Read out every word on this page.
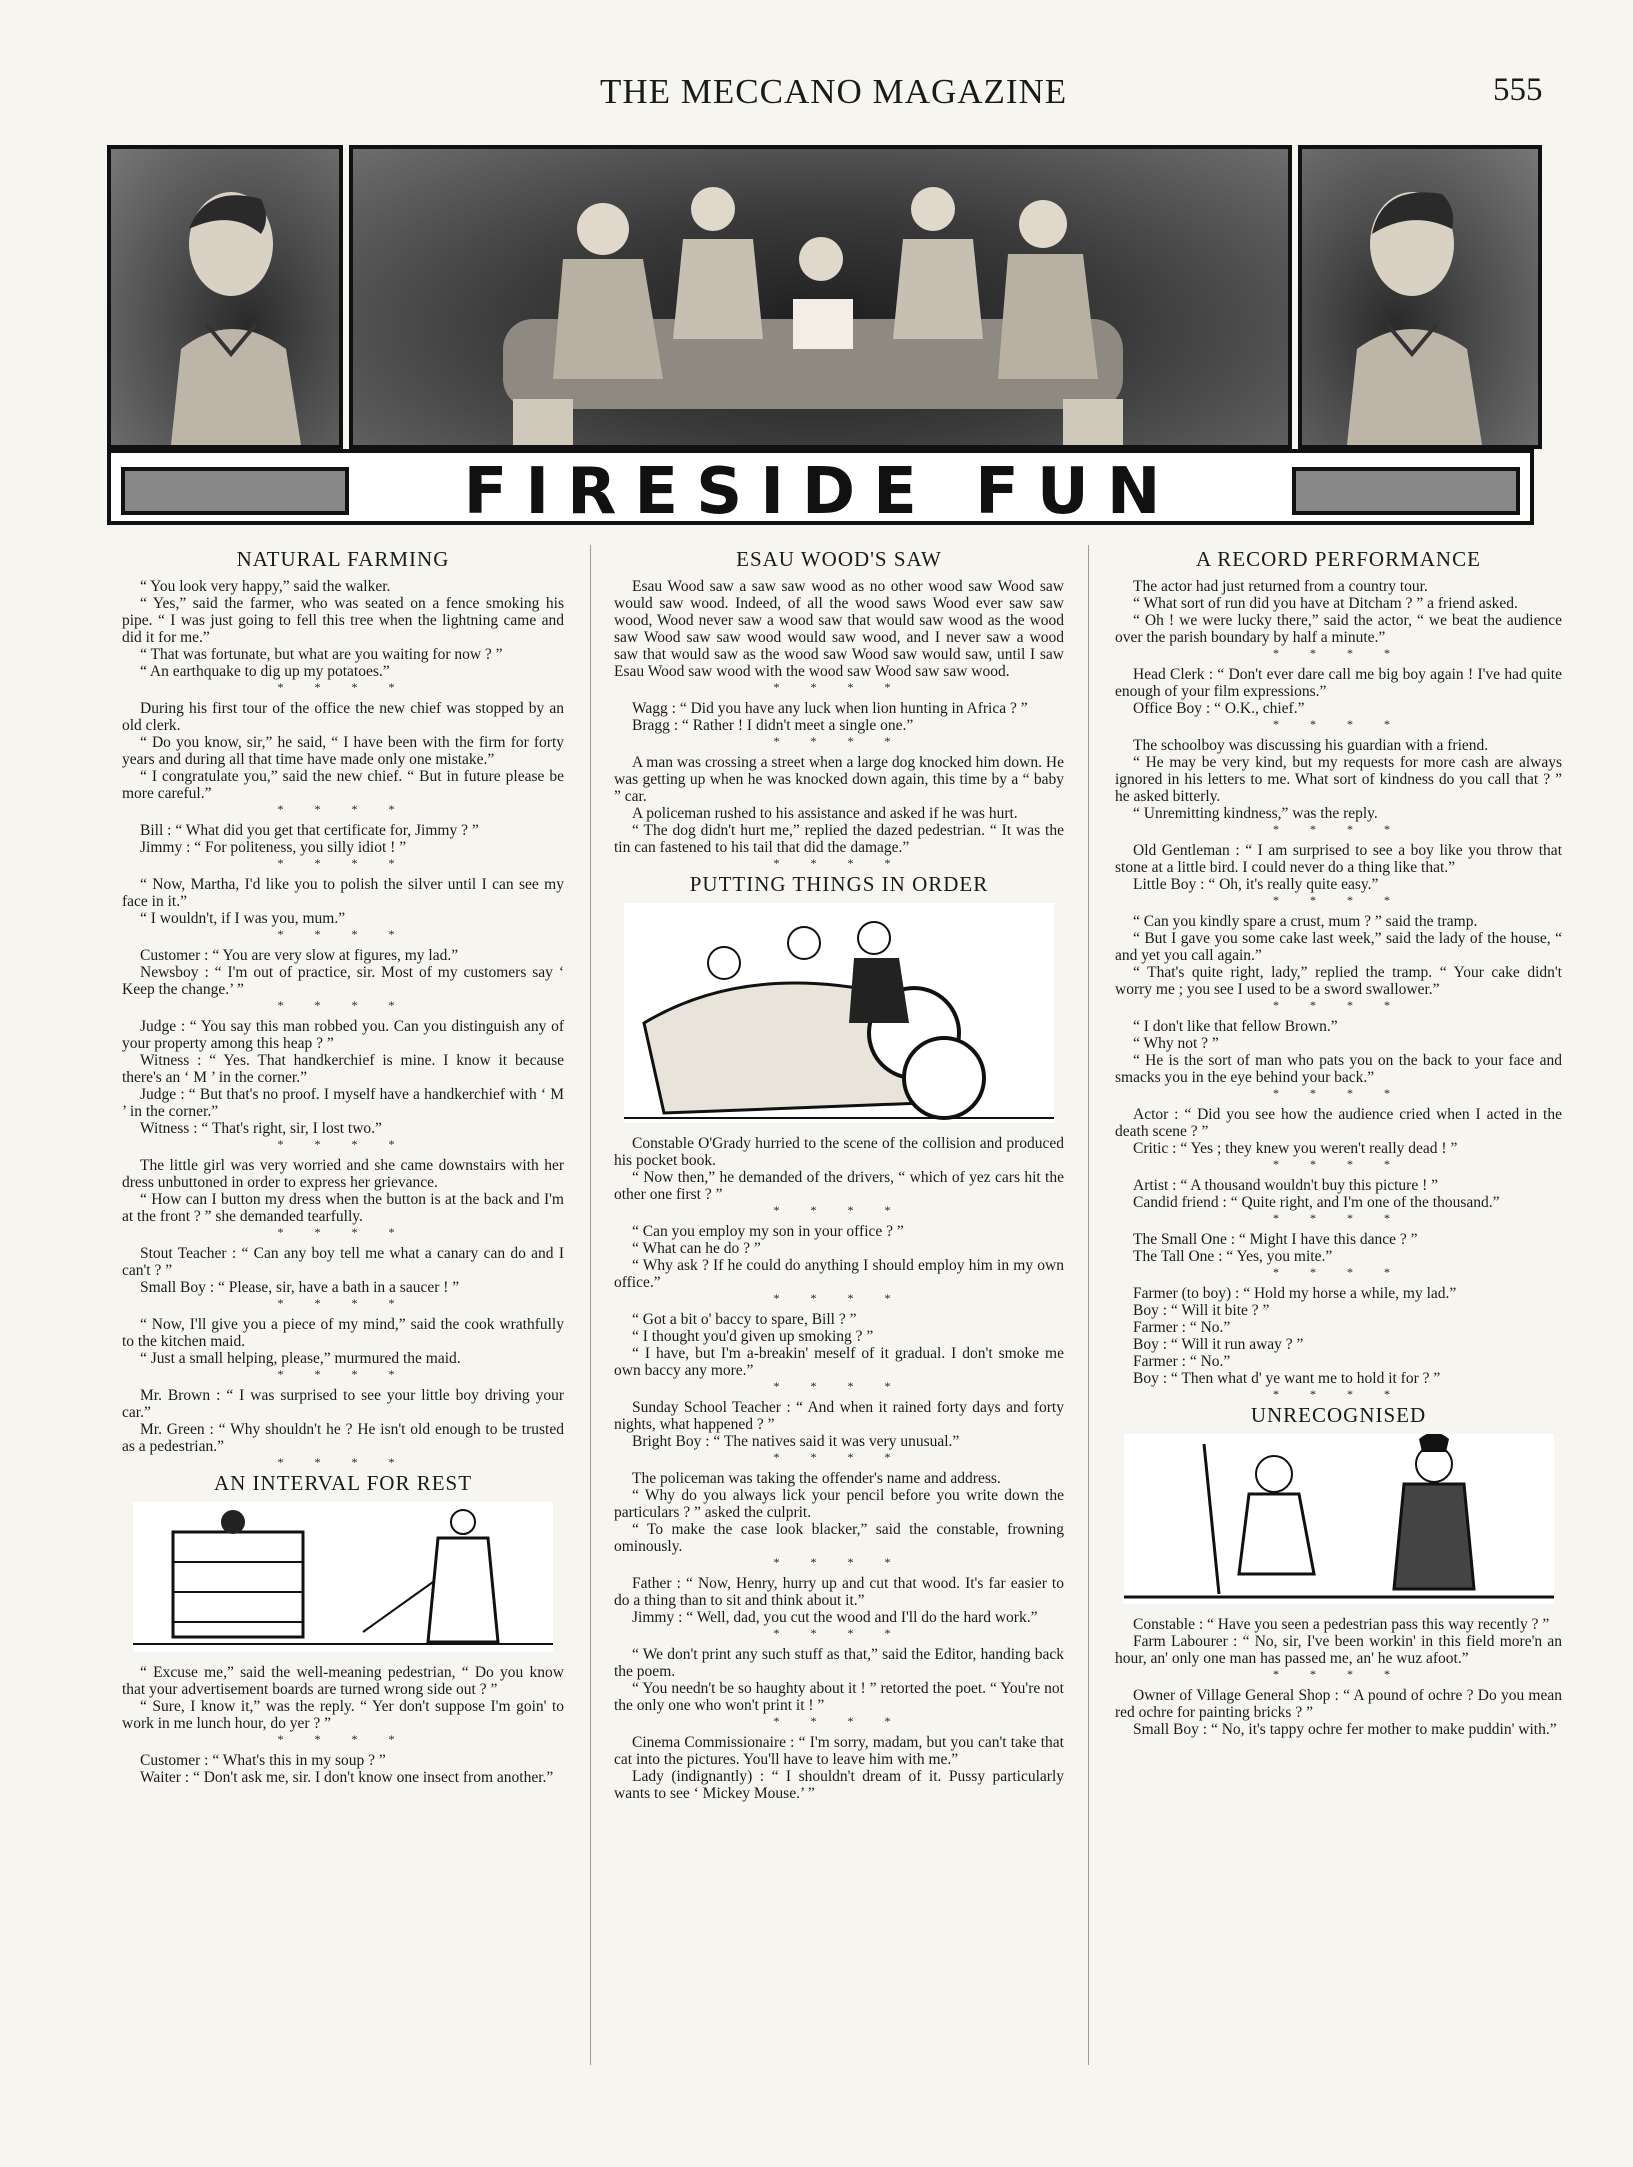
THE MECCANO MAGAZINE	555
FIRESIDE FUN
NATURAL FARMING

“ You look very happy,” said the walker.

“ Yes,” said the farmer, who was seated on a fence smoking his pipe. “ I was just going to fell this tree when the lightning came and did it for me.”

“ That was fortunate, but what are you waiting for now ? ”

“ An earthquake to dig up my potatoes.”

* * * *

During his first tour of the office the new chief was stopped by an old clerk.

“ Do you know, sir,” he said, “ I have been with the firm for forty years and during all that time have made only one mistake.”

“ I congratulate you,” said the new chief. “ But in future please be more careful.”

* * * *

Bill : “ What did you get that certificate for, Jimmy ? ”

Jimmy : “ For politeness, you silly idiot ! ”

* * * *

“ Now, Martha, I'd like you to polish the silver until I can see my face in it.”

“ I wouldn't, if I was you, mum.”

* * * *

Customer : “ You are very slow at figures, my lad.”

Newsboy : “ I'm out of practice, sir. Most of my customers say ‘ Keep the change.’ ”

* * * *

Judge : “ You say this man robbed you. Can you distinguish any of your property among this heap ? ”

Witness : “ Yes. That handkerchief is mine. I know it because there's an ‘ M ’ in the corner.”

Judge : “ But that's no proof. I myself have a handkerchief with ‘ M ’ in the corner.”

Witness : “ That's right, sir, I lost two.”

* * * *

The little girl was very worried and she came downstairs with her dress unbuttoned in order to express her grievance.

“ How can I button my dress when the button is at the back and I'm at the front ? ” she demanded tearfully.

* * * *

Stout Teacher : “ Can any boy tell me what a canary can do and I can't ? ”

Small Boy : “ Please, sir, have a bath in a saucer ! ”

* * * *

“ Now, I'll give you a piece of my mind,” said the cook wrathfully to the kitchen maid.

“ Just a small helping, please,” murmured the maid.

* * * *

Mr. Brown : “ I was surprised to see your little boy driving your car.”

Mr. Green : “ Why shouldn't he ? He isn't old enough to be trusted as a pedestrian.”

* * * *

AN INTERVAL FOR REST

“ Excuse me,” said the well-meaning pedestrian, “ Do you know that your advertisement boards are turned wrong side out ? ”

“ Sure, I know it,” was the reply. “ Yer don't suppose I'm goin' to work in me lunch hour, do yer ? ”

* * * *

Customer : “ What's this in my soup ? ”

Waiter : “ Don't ask me, sir. I don't know one insect from another.”

ESAU WOOD'S SAW

Esau Wood saw a saw saw wood as no other wood saw Wood saw would saw wood. Indeed, of all the wood saws Wood ever saw saw wood, Wood never saw a wood saw that would saw wood as the wood saw Wood saw saw wood would saw wood, and I never saw a wood saw that would saw as the wood saw Wood saw would saw, until I saw Esau Wood saw wood with the wood saw Wood saw saw wood.

* * * *

Wagg : “ Did you have any luck when lion hunting in Africa ? ”

Bragg : “ Rather ! I didn't meet a single one.”

* * * *

A man was crossing a street when a large dog knocked him down. He was getting up when he was knocked down again, this time by a “ baby ” car.

A policeman rushed to his assistance and asked if he was hurt.

“ The dog didn't hurt me,” replied the dazed pedestrian. “ It was the tin can fastened to his tail that did the damage.”

* * * *

PUTTING THINGS IN ORDER

Constable O'Grady hurried to the scene of the collision and produced his pocket book.

“ Now then,” he demanded of the drivers, “ which of yez cars hit the other one first ? ”

* * * *

“ Can you employ my son in your office ? ”

“ What can he do ? ”

“ Why ask ? If he could do anything I should employ him in my own office.”

* * * *

“ Got a bit o' baccy to spare, Bill ? ”

“ I thought you'd given up smoking ? ”

“ I have, but I'm a-breakin' meself of it gradual. I don't smoke me own baccy any more.”

* * * *

Sunday School Teacher : “ And when it rained forty days and forty nights, what happened ? ”

Bright Boy : “ The natives said it was very unusual.”

* * * *

The policeman was taking the offender's name and address.

“ Why do you always lick your pencil before you write down the particulars ? ” asked the culprit.

“ To make the case look blacker,” said the constable, frowning ominously.

* * * *

Father : “ Now, Henry, hurry up and cut that wood. It's far easier to do a thing than to sit and think about it.”

Jimmy : “ Well, dad, you cut the wood and I'll do the hard work.”

* * * *

“ We don't print any such stuff as that,” said the Editor, handing back the poem.

“ You needn't be so haughty about it ! ” retorted the poet. “ You're not the only one who won't print it ! ”

* * * *

Cinema Commissionaire : “ I'm sorry, madam, but you can't take that cat into the pictures. You'll have to leave him with me.”

Lady (indignantly) : “ I shouldn't dream of it. Pussy particularly wants to see ‘ Mickey Mouse.’ ”

A RECORD PERFORMANCE

The actor had just returned from a country tour.

“ What sort of run did you have at Ditcham ? ” a friend asked.

“ Oh ! we were lucky there,” said the actor, “ we beat the audience over the parish boundary by half a minute.”

* * * *

Head Clerk : “ Don't ever dare call me big boy again ! I've had quite enough of your film expressions.”

Office Boy : “ O.K., chief.”

* * * *

The schoolboy was discussing his guardian with a friend.

“ He may be very kind, but my requests for more cash are always ignored in his letters to me. What sort of kindness do you call that ? ” he asked bitterly.

“ Unremitting kindness,” was the reply.

* * * *

Old Gentleman : “ I am surprised to see a boy like you throw that stone at a little bird. I could never do a thing like that.”

Little Boy : “ Oh, it's really quite easy.”

* * * *

“ Can you kindly spare a crust, mum ? ” said the tramp.

“ But I gave you some cake last week,” said the lady of the house, “ and yet you call again.”

“ That's quite right, lady,” replied the tramp. “ Your cake didn't worry me ; you see I used to be a sword swallower.”

* * * *

“ I don't like that fellow Brown.”

“ Why not ? ”

“ He is the sort of man who pats you on the back to your face and smacks you in the eye behind your back.”

* * * *

Actor : “ Did you see how the audience cried when I acted in the death scene ? ”

Critic : “ Yes ; they knew you weren't really dead ! ”

* * * *

Artist : “ A thousand wouldn't buy this picture ! ”

Candid friend : “ Quite right, and I'm one of the thousand.”

* * * *

The Small One : “ Might I have this dance ? ”

The Tall One : “ Yes, you mite.”

* * * *

Farmer (to boy) : “ Hold my horse a while, my lad.”

Boy : “ Will it bite ? ”

Farmer : “ No.”

Boy : “ Will it run away ? ”

Farmer : “ No.”

Boy : “ Then what d' ye want me to hold it for ? ”

* * * *

UNRECOGNISED

Constable : “ Have you seen a pedestrian pass this way recently ? ”

Farm Labourer : “ No, sir, I've been workin' in this field more'n an hour, an' only one man has passed me, an' he wuz afoot.”

* * * *

Owner of Village General Shop : “ A pound of ochre ? Do you mean red ochre for painting bricks ? ”

Small Boy : “ No, it's tappy ochre fer mother to make puddin' with.”
